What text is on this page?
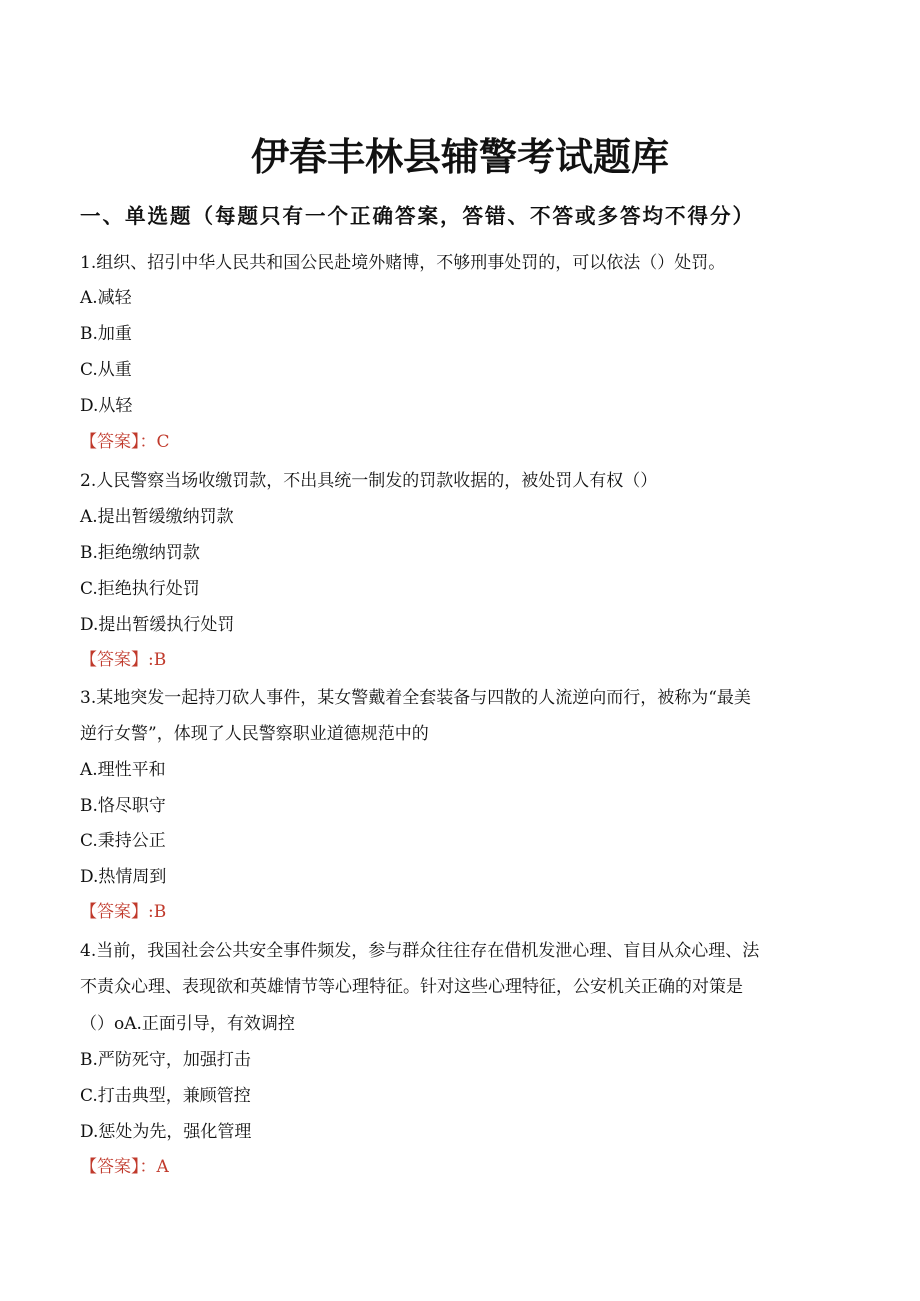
伊春丰林县辅警考试题库
一、单选题（每题只有一个正确答案，答错、不答或多答均不得分）
1.组织、招引中华人民共和国公民赴境外赌博，不够刑事处罚的，可以依法（）处罚。
A.减轻
B.加重
C.从重
D.从轻
【答案】：C
2.人民警察当场收缴罚款，不出具统一制发的罚款收据的，被处罚人有权（）
A.提出暂缓缴纳罚款
B.拒绝缴纳罚款
C.拒绝执行处罚
D.提出暂缓执行处罚
【答案】:B
3.某地突发一起持刀砍人事件，某女警戴着全套装备与四散的人流逆向而行，被称为“最美
逆行女警”，体现了人民警察职业道德规范中的
A.理性平和
B.恪尽职守
C.秉持公正
D.热情周到
【答案】:B
4.当前，我国社会公共安全事件频发，参与群众往往存在借机发泄心理、盲目从众心理、法
不责众心理、表现欲和英雄情节等心理特征。针对这些心理特征，公安机关正确的对策是
（）oA.正面引导，有效调控
B.严防死守，加强打击
C.打击典型，兼顾管控
D.惩处为先，强化管理
【答案】：A
